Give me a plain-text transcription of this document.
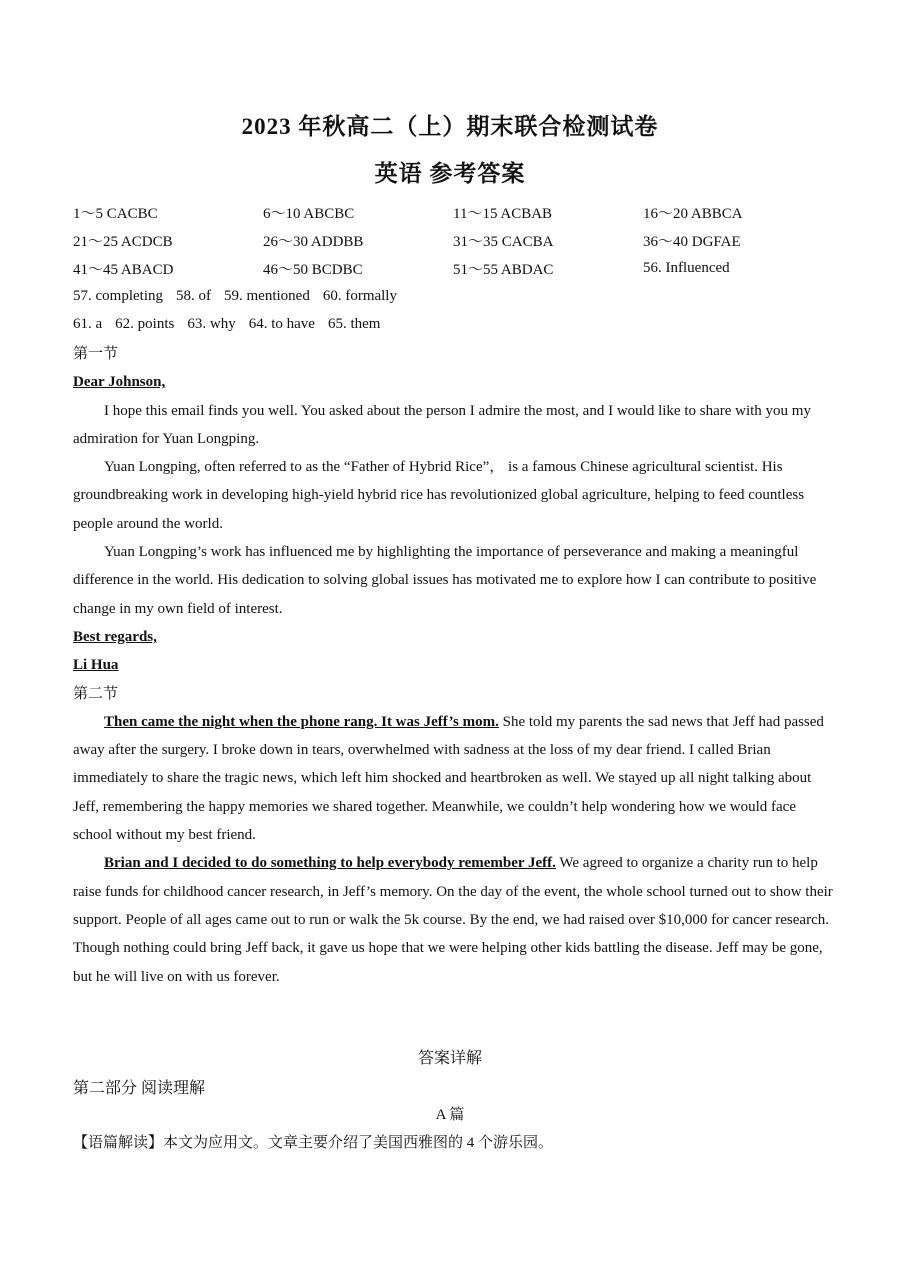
2023 年秋高二（上）期末联合检测试卷
英语 参考答案
1～5 CACBC	6～10 ABCBC	11～15 ACBAB	16～20 ABBCA
21～25 ACDCB	26～30 ADDBB	31～35 CACBA	36～40 DGFAE
41～45 ABACD	46～50 BCDBC	51～55 ABDAC	56. Influenced
57. completing 58. of 59. mentioned 60. formally
61. a 62. points 63. why 64. to have 65. them

第一节

Dear Johnson,

I hope this email finds you well. You asked about the person I admire the most, and I would like to share with you my admiration for Yuan Longping.

Yuan Longping, often referred to as the “Father of Hybrid Rice”， is a famous Chinese agricultural scientist. His groundbreaking work in developing high-yield hybrid rice has revolutionized global agriculture, helping to feed countless people around the world.

Yuan Longping’s work has influenced me by highlighting the importance of perseverance and making a meaningful difference in the world. His dedication to solving global issues has motivated me to explore how I can contribute to positive change in my own field of interest.

Best regards,

Li Hua

第二节

Then came the night when the phone rang. It was Jeff’s mom. She told my parents the sad news that Jeff had passed away after the surgery. I broke down in tears, overwhelmed with sadness at the loss of my dear friend. I called Brian immediately to share the tragic news, which left him shocked and heartbroken as well. We stayed up all night talking about Jeff, remembering the happy memories we shared together. Meanwhile, we couldn’t help wondering how we would face school without my best friend.

Brian and I decided to do something to help everybody remember Jeff. We agreed to organize a charity run to help raise funds for childhood cancer research, in Jeff’s memory. On the day of the event, the whole school turned out to show their support. People of all ages came out to run or walk the 5k course. By the end, we had raised over $10,000 for cancer research. Though nothing could bring Jeff back, it gave us hope that we were helping other kids battling the disease. Jeff may be gone, but he will live on with us forever.

答案详解
第二部分 阅读理解
A 篇
【语篇解读】本文为应用文。文章主要介绍了美国西雅图的 4 个游乐园。
